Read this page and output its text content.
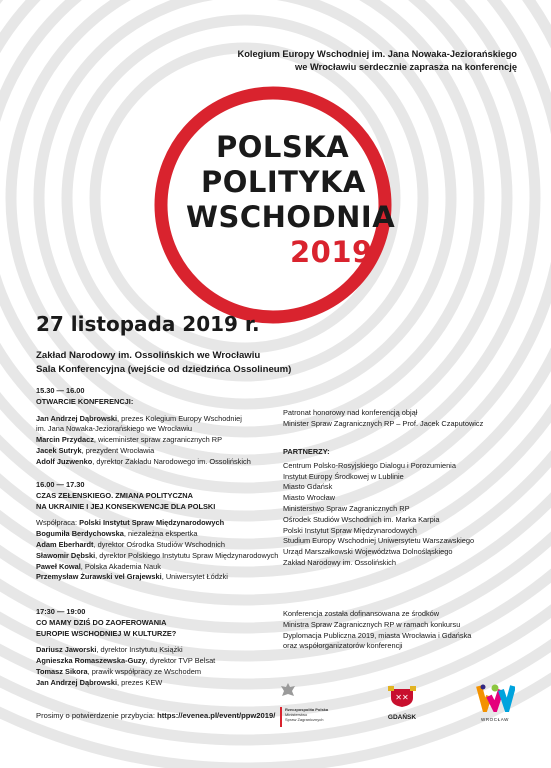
Kolegium Europy Wschodniej im. Jana Nowaka-Jeziorańskiego
we Wrocławiu serdecznie zaprasza na konferencję
POLSKA
POLITYKA
WSCHODNIA
2019
27 listopada 2019 r.
Zakład Narodowy im. Ossolińskich we Wrocławiu
Sala Konferencyjna (wejście od dziedzińca Ossolineum)
15.30 — 16.00
OTWARCIE KONFERENCJI:
Jan Andrzej Dąbrowski, prezes Kolegium Europy Wschodniej
im. Jana Nowaka-Jeziorańskiego we Wrocławiu
Marcin Przydacz, wiceminister spraw zagranicznych RP
Jacek Sutryk, prezydent Wrocławia
Adolf Juzwenko, dyrektor Zakładu Narodowego im. Ossolińskich
16.00 — 17.30
CZAS ZEŁENSKIEGO. ZMIANA POLITYCZNA
NA UKRAINIE I JEJ KONSEKWENCJE DLA POLSKI
Współpraca: Polski Instytut Spraw Międzynarodowych
Bogumiła Berdychowska, niezależna ekspertka
Adam Eberhardt, dyrektor Ośrodka Studiów Wschodnich
Sławomir Dębski, dyrektor Polskiego Instytutu Spraw Międzynarodowych
Paweł Kowal, Polska Akademia Nauk
Przemysław Żurawski vel Grajewski, Uniwersytet Łódzki
17:30 — 19:00
CO MAMY DZIŚ DO ZAOFEROWANIA
EUROPIE WSCHODNIEJ W KULTURZE?
Dariusz Jaworski, dyrektor Instytutu Książki
Agnieszka Romaszewska-Guzy, dyrektor TVP Belsat
Tomasz Sikora, prawik współpracy ze Wschodem
Jan Andrzej Dąbrowski, prezes KEW
Prosimy o potwierdzenie przybycia: https://evenea.pl/event/ppw2019/
Patronat honorowy nad konferencją objął
Minister Spraw Zagranicznych RP – Prof. Jacek Czaputowicz
PARTNERZY:
Centrum Polsko-Rosyjskiego Dialogu i Porozumienia
Instytut Europy Środkowej w Lublinie
Miasto Gdańsk
Miasto Wrocław
Ministerstwo Spraw Zagranicznych RP
Ośrodek Studiów Wschodnich im. Marka Karpia
Polski Instytut Spraw Międzynarodowych
Studium Europy Wschodniej Uniwersytetu Warszawskiego
Urząd Marszałkowski Województwa Dolnośląskiego
Zakład Narodowy im. Ossolińskich
Konferencja została dofinansowana ze środków
Ministra Spraw Zagranicznych RP w ramach konkursu
Dyplomacja Publiczna 2019, miasta Wrocławia i Gdańska
oraz współorganizatorów konferencji
Rzeczpospolita Polska
Ministerstwo
Spraw Zagranicznych
✕✕
GDAŃSK	WROCŁAW
